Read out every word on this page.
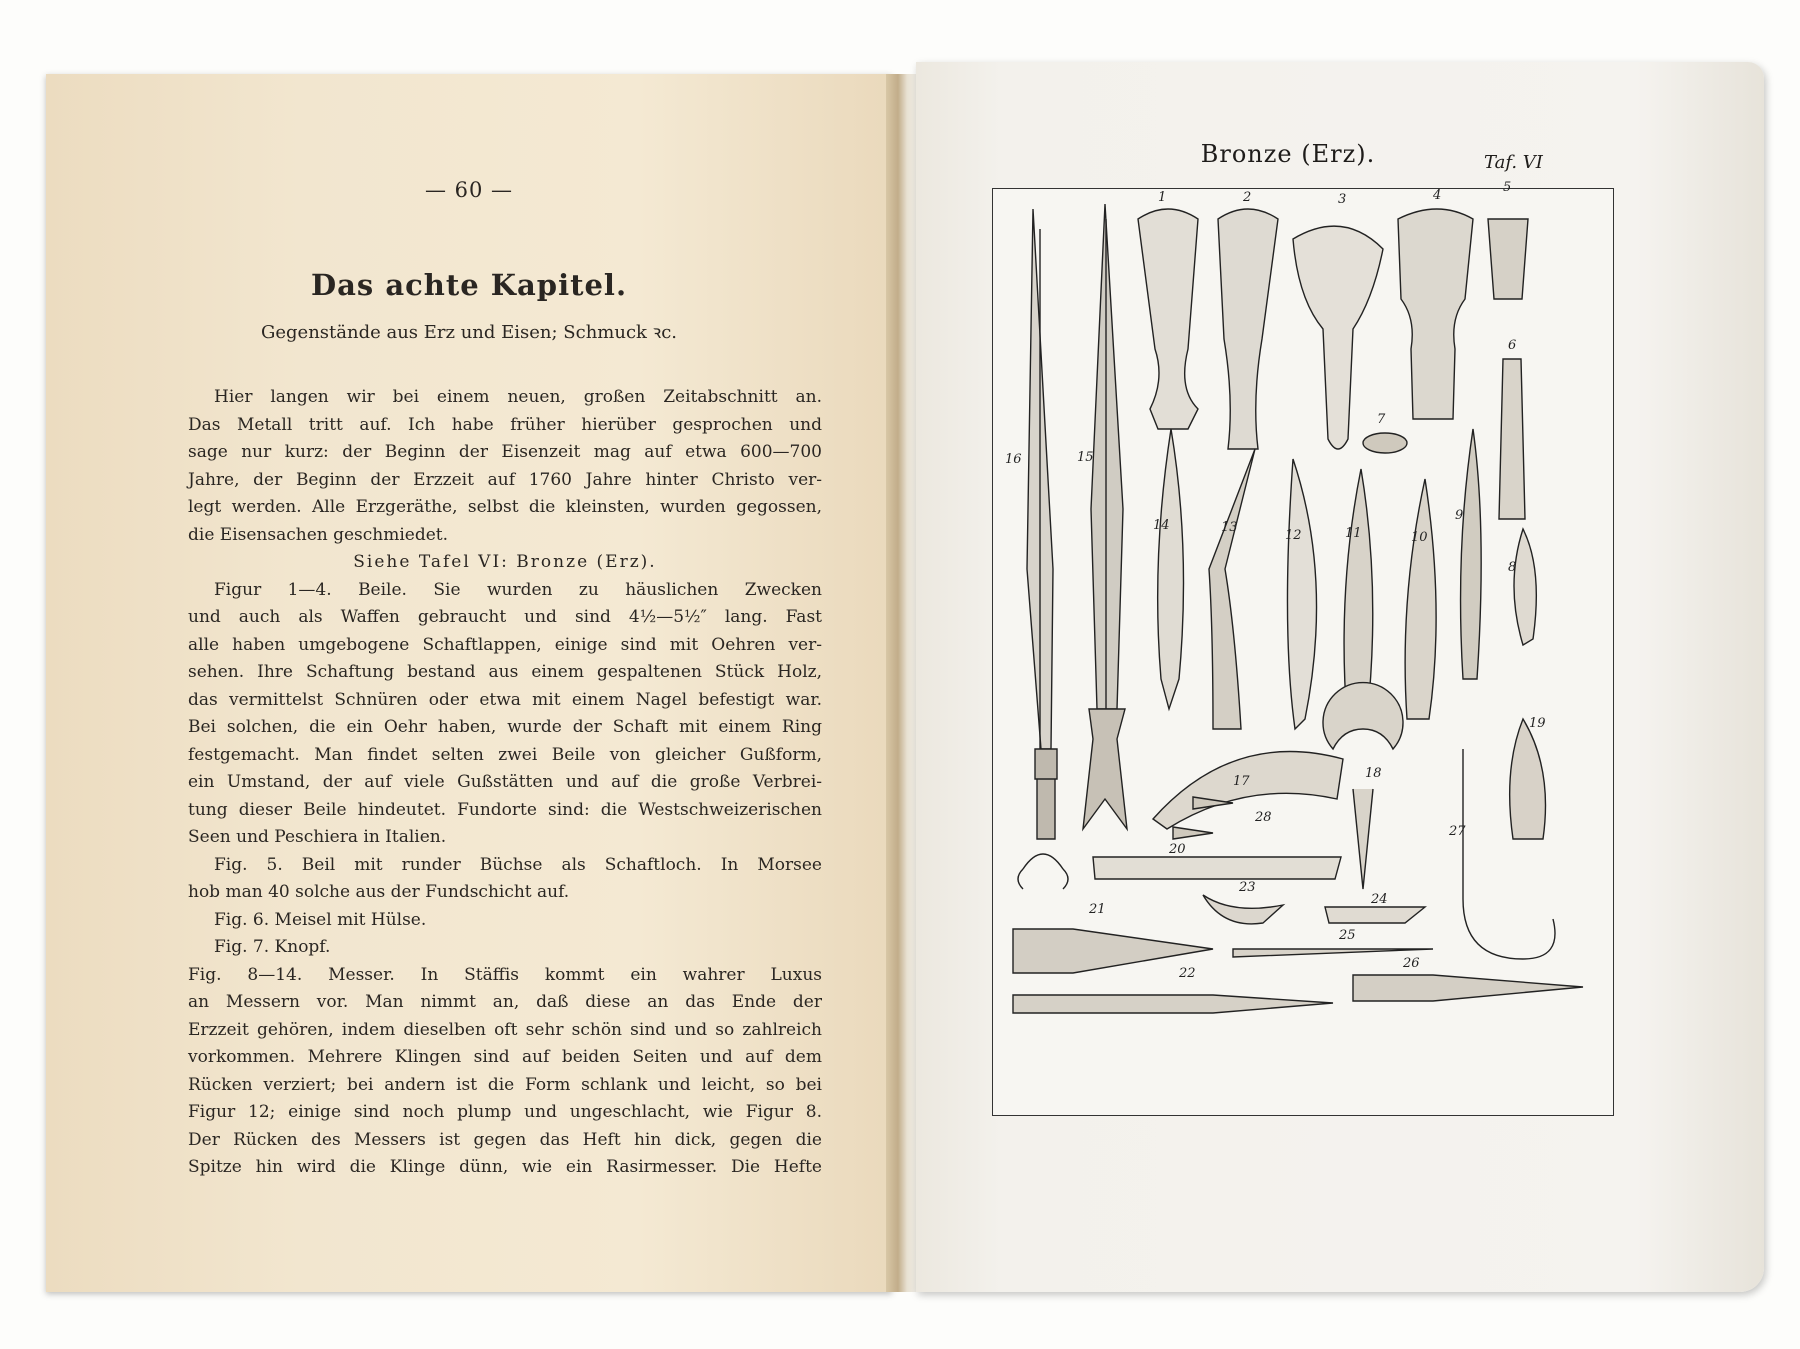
— 60 —
Das achte Kapitel.
Gegenstände aus Erz und Eisen; Schmuck ꝛc.
Hier langen wir bei einem neuen, großen Zeitabschnitt an.
Das Metall tritt auf. Ich habe früher hierüber gesprochen und
sage nur kurz: der Beginn der Eisenzeit mag auf etwa 600—700
Jahre, der Beginn der Erzzeit auf 1760 Jahre hinter Christo ver-
legt werden. Alle Erzgeräthe, selbst die kleinsten, wurden gegossen,
die Eisensachen geschmiedet.
Siehe Tafel VI: Bronze (Erz).
Figur 1—4. Beile. Sie wurden zu häuslichen Zwecken
und auch als Waffen gebraucht und sind 4½—5½″ lang. Fast
alle haben umgebogene Schaftlappen, einige sind mit Oehren ver-
sehen. Ihre Schaftung bestand aus einem gespaltenen Stück Holz,
das vermittelst Schnüren oder etwa mit einem Nagel befestigt war.
Bei solchen, die ein Oehr haben, wurde der Schaft mit einem Ring
festgemacht. Man findet selten zwei Beile von gleicher Gußform,
ein Umstand, der auf viele Gußstätten und auf die große Verbrei-
tung dieser Beile hindeutet. Fundorte sind: die Westschweizerischen
Seen und Peschiera in Italien.
Fig. 5. Beil mit runder Büchse als Schaftloch. In Morsee
hob man 40 solche aus der Fundschicht auf.
Fig. 6. Meisel mit Hülse.
Fig. 7. Knopf.
Fig. 8—14. Messer. In Stäffis kommt ein wahrer Luxus
an Messern vor. Man nimmt an, daß diese an das Ende der
Erzzeit gehören, indem dieselben oft sehr schön sind und so zahlreich
vorkommen. Mehrere Klingen sind auf beiden Seiten und auf dem
Rücken verziert; bei andern ist die Form schlank und leicht, so bei
Figur 12; einige sind noch plump und ungeschlacht, wie Figur 8.
Der Rücken des Messers ist gegen das Heft hin dick, gegen die
Spitze hin wird die Klinge dünn, wie ein Rasirmesser. Die Hefte
Bronze (Erz).	Taf. VI
1	2	3	4
5
6
7
8
9
10
11
12
13
14
15
16
17
18
19
20
21
22
23
24
25
26
27
28
